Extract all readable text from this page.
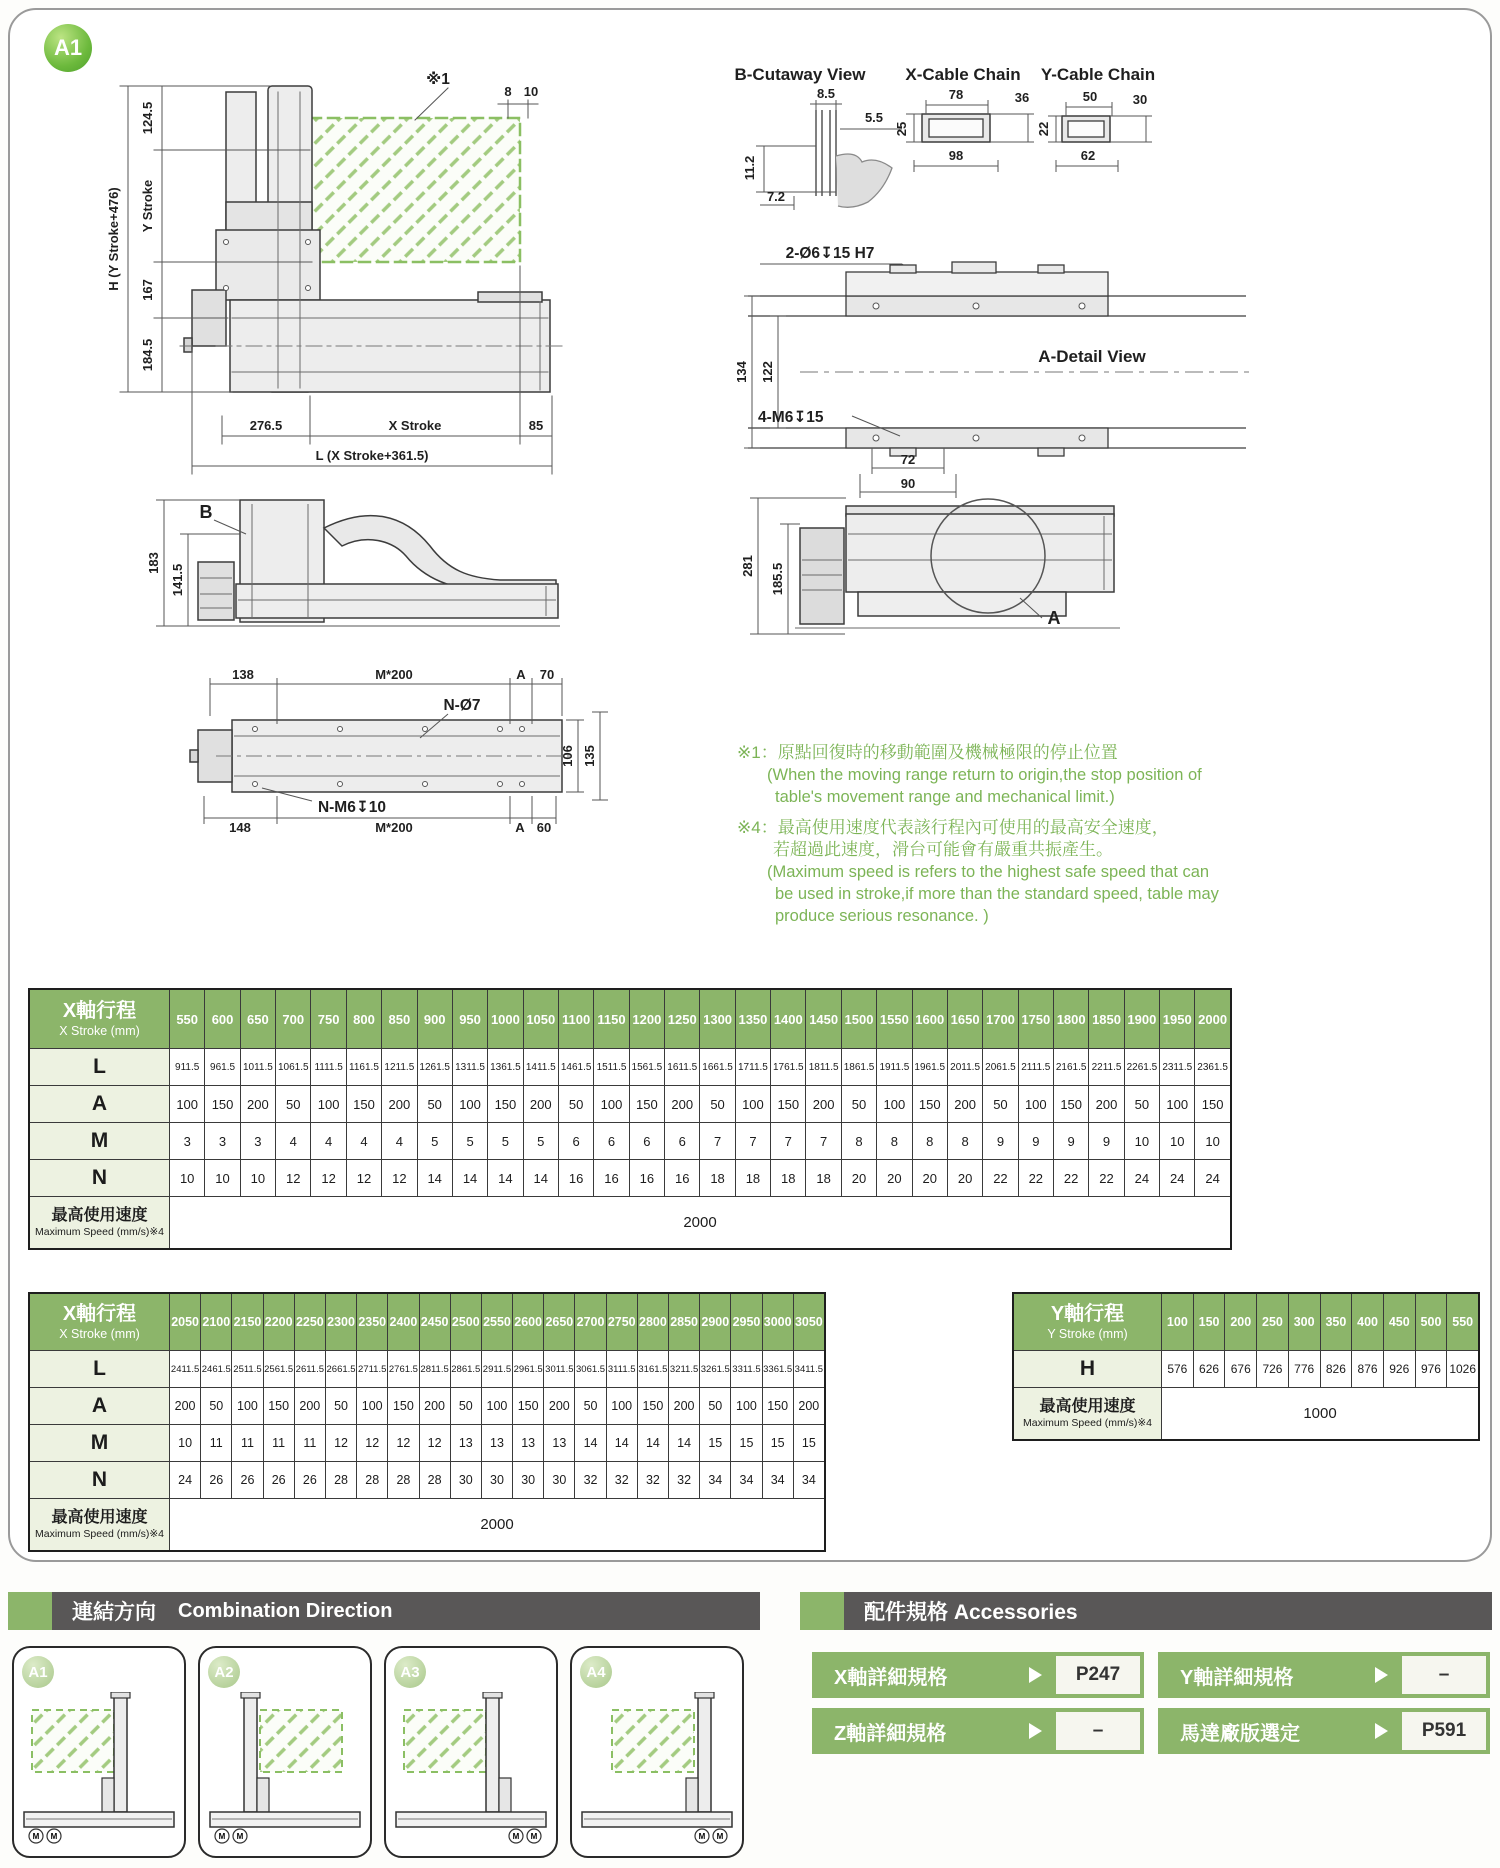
A1
H (Y Stroke+476)
124.5
Y Stroke
167
184.5
※1
8 10
276.5	X Stroke	85
L (X Stroke+361.5)
B
183
141.5
138	M*200	A 70
N-Ø7
106 135
N-M6↧10
148	M*200	A 60
B-Cutaway View
8.5
5.5
11.2
7.2
X-Cable Chain
78	36
25
98
Y-Cable Chain
50	30
22
62
2-Ø6↧15 H7
134 122
4-M6↧15
72
90
A-Detail View
281 185.5
A
※1：原點回復時的移動範圍及機械極限的停止位置
(When the moving range return to origin,the stop position of
table's movement range and mechanical limit.)
※4：最高使用速度代表該行程內可使用的最高安全速度，
若超過此速度，滑台可能會有嚴重共振產生。
(Maximum speed is refers to the highest safe speed that can
be used in stroke,if more than the standard speed, table may
produce serious resonance. )
X軸行程
X Stroke (mm)
550	600	650	700	750	800	850	900	950 1000 1050 1100 1150 1200 1250 1300 1350 1400 1450 1500 1550 1600 1650 1700 1750 1800 1850 1900 1950 2000
L	911.5	961.5 1011.5 1061.5 1111.5 1161.5 1211.5 1261.5 1311.5 1361.5 1411.5 1461.5 1511.5 1561.5 1611.5 1661.5 1711.5 1761.5 1811.5 1861.5 1911.5 1961.5 2011.5 2061.5 2111.5 2161.5 2211.5 2261.5 2311.5 2361.5
A	100	150	200	50	100	150	200	50	100	150	200	50	100	150	200	50	100	150	200	50	100	150	200	50	100	150	200	50	100	150
M	3	3	3	4	4	4	4	5	5	5	5	6	6	6	6	7	7	7	7	8	8	8	8	9	9	9	9	10	10	10
N	10	10	10	12	12	12	12	14	14	14	14	16	16	16	16	18	18	18	18	20	20	20	20	22	22	22	22	24	24	24
最高使用速度
Maximum Speed (mm/s)※4
2000
X軸行程
X Stroke (mm)
2050 2100 2150 2200 2250 2300 2350 2400 2450 2500 2550 2600 2650 2700 2750 2800 2850 2900 2950 3000 3050
L	2411.5 2461.5 2511.5 2561.5 2611.5 2661.5 2711.5 2761.5 2811.5 2861.5 2911.5 2961.5 3011.5 3061.5 3111.5 3161.5 3211.5 3261.5 3311.5 3361.5 3411.5
A	200	50	100 150 200	50	100 150 200	50	100 150 200	50	100 150 200	50	100 150 200
M	10	11	11	11	11	12	12	12	12	13	13	13	13	14	14	14	14	15	15	15	15
N	24	26	26	26	26	28	28	28	28	30	30	30	30	32	32	32	32	34	34	34	34
最高使用速度
Maximum Speed (mm/s)※4
2000
Y軸行程
Y Stroke (mm)
100 150 200 250 300 350 400 450 500 550
H	576 626 676 726 776 826 876 926 976 1026
最高使用速度
Maximum Speed (mm/s)※4
1000
連結方向 Combination Direction
A1
M M
A2
M M
A3
M M
A4
M M
配件規格 Accessories
X軸詳細規格	P247	Y軸詳細規格	–
Z軸詳細規格	–	馬達廠版選定	P591
